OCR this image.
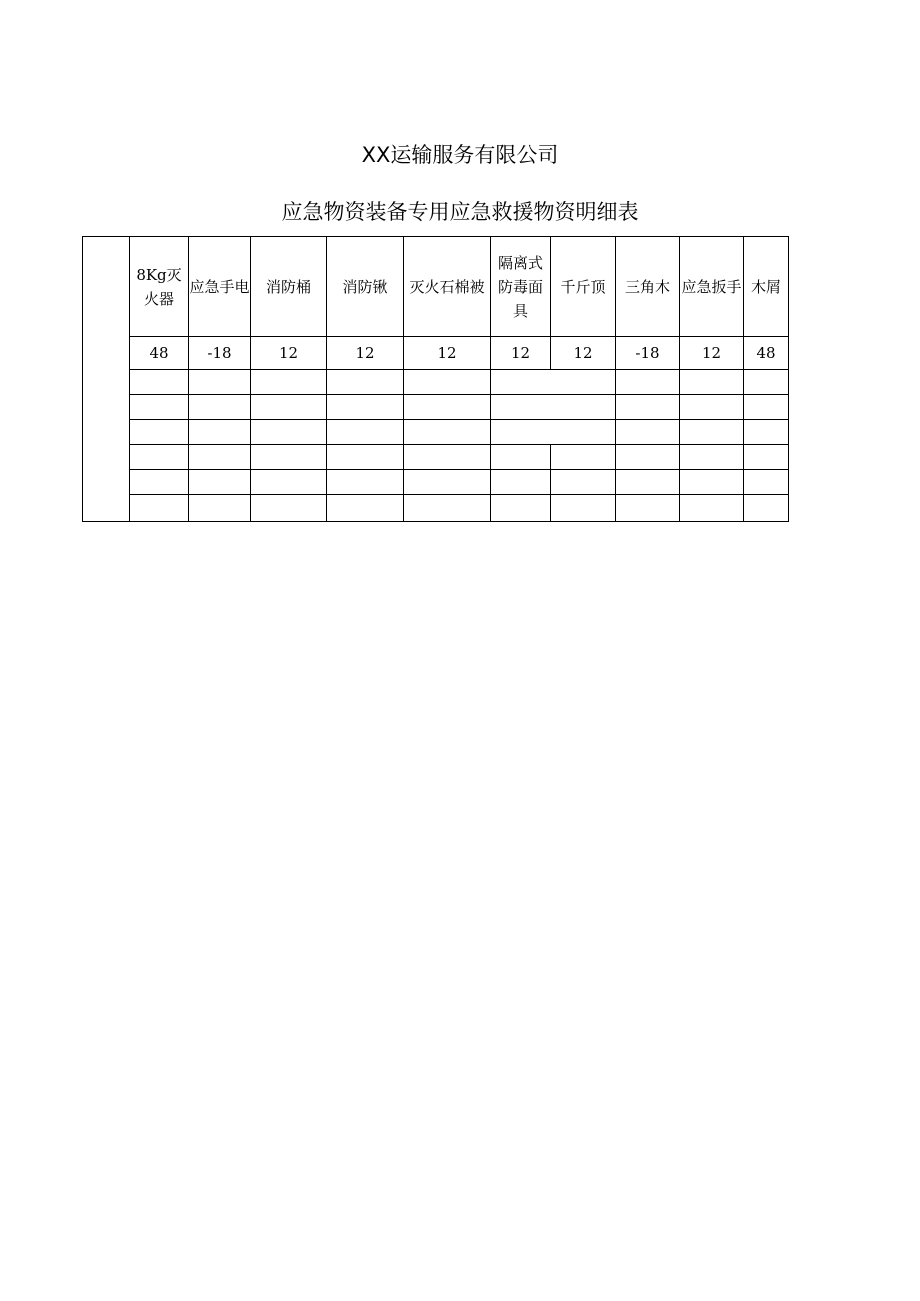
XX运输服务有限公司
应急物资装备专用应急救援物资明细表
	8Kg灭火器	应急手电	消防桶	消防锹	灭火石棉被	隔离式防毒面具	千斤顶	三角木	应急扳手	木屑
	48	-18	12	12	12	12	12	-18	12	48
